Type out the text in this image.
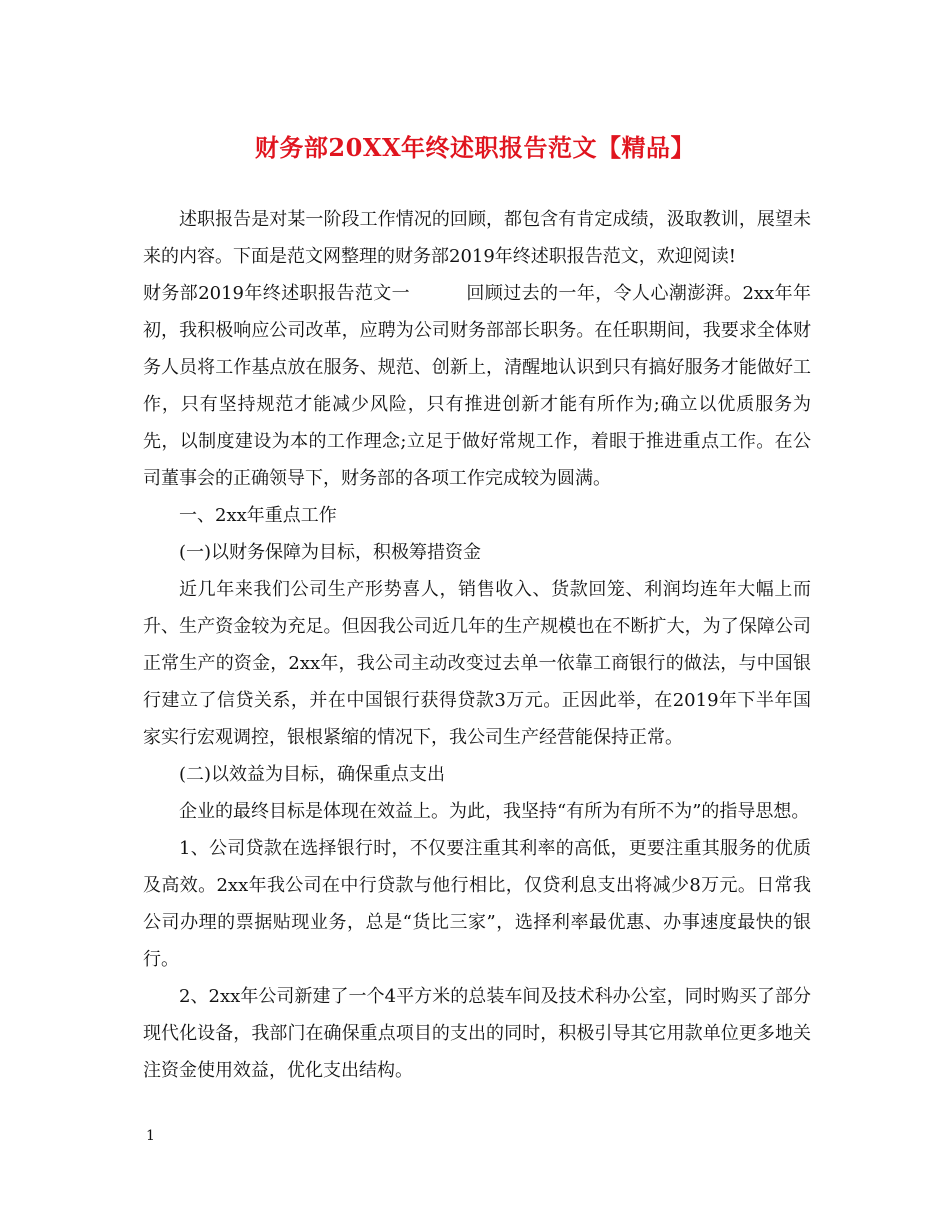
财务部20XX年终述职报告范文【精品】

述职报告是对某一阶段工作情况的回顾，都包含有肯定成绩，汲取教训，展望未来的内容。下面是范文网整理的财务部2019年终述职报告范文，欢迎阅读!

财务部2019年终述职报告范文一	回顾过去的一年，令人心潮澎湃。2xx年年初，我积极响应公司改革，应聘为公司财务部部长职务。在任职期间，我要求全体财务人员将工作基点放在服务、规范、创新上，清醒地认识到只有搞好服务才能做好工作，只有坚持规范才能减少风险，只有推进创新才能有所作为;确立以优质服务为先，以制度建设为本的工作理念;立足于做好常规工作，着眼于推进重点工作。在公司董事会的正确领导下，财务部的各项工作完成较为圆满。

一、2xx年重点工作

(一)以财务保障为目标，积极筹措资金

近几年来我们公司生产形势喜人，销售收入、货款回笼、利润均连年大幅上而升、生产资金较为充足。但因我公司近几年的生产规模也在不断扩大，为了保障公司正常生产的资金，2xx年，我公司主动改变过去单一依靠工商银行的做法，与中国银行建立了信贷关系，并在中国银行获得贷款3万元。正因此举，在2019年下半年国家实行宏观调控，银根紧缩的情况下，我公司生产经营能保持正常。

(二)以效益为目标，确保重点支出

企业的最终目标是体现在效益上。为此，我坚持“有所为有所不为”的指导思想。

1、公司贷款在选择银行时，不仅要注重其利率的高低，更要注重其服务的优质及高效。2xx年我公司在中行贷款与他行相比，仅贷利息支出将减少8万元。日常我公司办理的票据贴现业务，总是“货比三家”，选择利率最优惠、办事速度最快的银行。

2、2xx年公司新建了一个4平方米的总装车间及技术科办公室，同时购买了部分现代化设备，我部门在确保重点项目的支出的同时，积极引导其它用款单位更多地关注资金使用效益，优化支出结构。

1
